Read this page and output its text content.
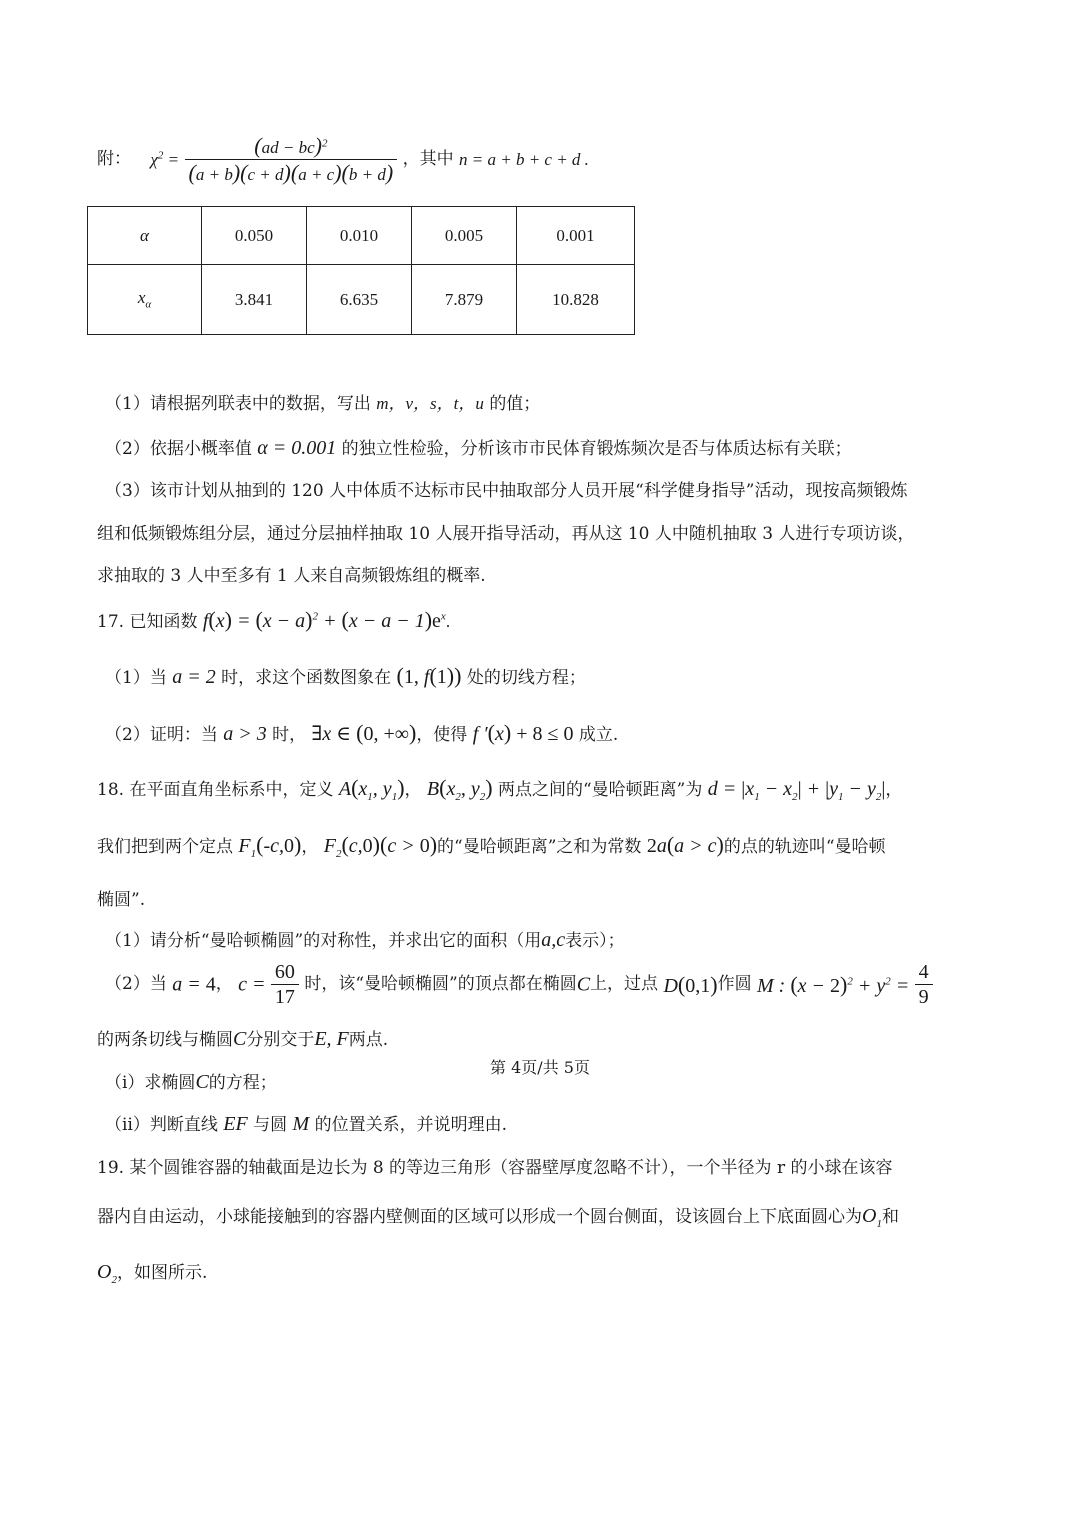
附： $\chi^2 = \frac{(ad - bc)^2}{(a + b)(c + d)(a + c)(b + d)}$ ，其中 n = a + b + c + d .
α	0.050	0.010	0.005	0.001
$x_\alpha$	3.841	6.635	7.879	10.828
（1）请根据列联表中的数据，写出 m，v，s，t，u 的值；
（2）依据小概率值 α = 0.001 的独立性检验，分析该市市民体育锻炼频次是否与体质达标有关联；
（3）该市计划从抽到的 120 人中体质不达标市民中抽取部分人员开展“科学健身指导”活动，现按高频锻炼
组和低频锻炼组分层，通过分层抽样抽取 10 人展开指导活动，再从这 10 人中随机抽取 3 人进行专项访谈，
求抽取的 3 人中至多有 1 人来自高频锻炼组的概率.
17. 已知函数 $f(x) = (x - a)^2 + (x - a - 1)e^x$.
（1）当 a = 2 时，求这个函数图象在 (1, f(1)) 处的切线方程；
（2）证明：当 a > 3 时， ∃x ∈ (0, +∞)，使得 f ′(x) + 8 ≤ 0 成立.
18. 在平面直角坐标系中，定义 $A(x_1$, $y_1$)， $B(x_2$, $y_2$) 两点之间的“曼哈顿距离”为 $d = |x_1 - x_2| + |y_1 - y_2|$，
我们把到两个定点 $F_1(-c,0)$， $F_2(c,0)(c > 0)$的“曼哈顿距离”之和为常数 2a(a > c)的点的轨迹叫“曼哈顿
椭圆”.
（1）请分析“曼哈顿椭圆”的对称性，并求出它的面积（用a,c表示）；
（2）当 a = 4， $c = \frac{60}{17}$ 时，该“曼哈顿椭圆”的顶点都在椭圆C上，过点 D(0,1)作圆 M : $(x - 2)^2 + y^2 = \frac{4}{9}$
的两条切线与椭圆C分别交于E, F两点.
（ⅰ）求椭圆C的方程；
（ⅱ）判断直线 EF 与圆 M 的位置关系，并说明理由.
19. 某个圆锥容器的轴截面是边长为 8 的等边三角形（容器壁厚度忽略不计），一个半径为 r 的小球在该容
器内自由运动，小球能接触到的容器内壁侧面的区域可以形成一个圆台侧面，设该圆台上下底面圆心为$O_1$和
$O_2$，如图所示.
第 4页/共 5页
